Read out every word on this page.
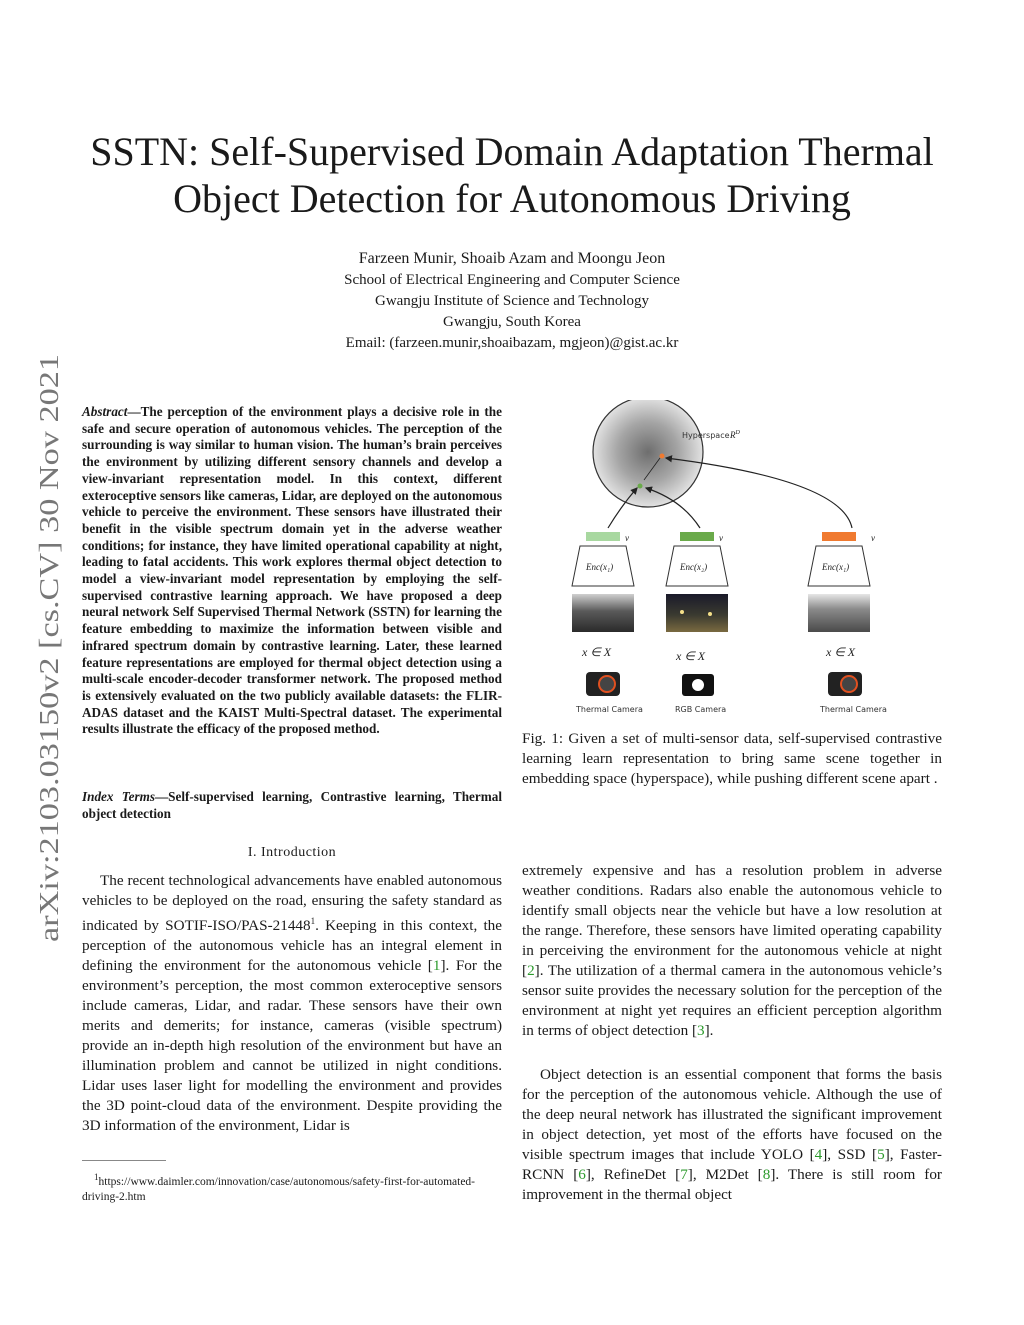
arXiv:2103.03150v2 [cs.CV] 30 Nov 2021
SSTN: Self-Supervised Domain Adaptation Thermal
Object Detection for Autonomous Driving
Farzeen Munir, Shoaib Azam and Moongu Jeon
School of Electrical Engineering and Computer Science
Gwangju Institute of Science and Technology
Gwangju, South Korea
Email: (farzeen.munir,shoaibazam, mgjeon)@gist.ac.kr
Abstract—The perception of the environment plays a decisive role in the safe and secure operation of autonomous vehicles. The perception of the surrounding is way similar to human vision. The human’s brain perceives the environment by utilizing different sensory channels and develop a view-invariant representation model. In this context, different exteroceptive sensors like cameras, Lidar, are deployed on the autonomous vehicle to perceive the environment. These sensors have illustrated their benefit in the visible spectrum domain yet in the adverse weather conditions; for instance, they have limited operational capability at night, leading to fatal accidents. This work explores thermal object detection to model a view-invariant model representation by employing the self-supervised contrastive learning approach. We have proposed a deep neural network Self Supervised Thermal Network (SSTN) for learning the feature embedding to maximize the information between visible and infrared spectrum domain by contrastive learning. Later, these learned feature representations are employed for thermal object detection using a multi-scale encoder-decoder transformer network. The proposed method is extensively evaluated on the two publicly available datasets: the FLIR-ADAS dataset and the KAIST Multi-Spectral dataset. The experimental results illustrate the efficacy of the proposed method.
Index Terms—Self-supervised learning, Contrastive learning, Thermal object detection
I. Introduction
The recent technological advancements have enabled autonomous vehicles to be deployed on the road, ensuring the safety standard as indicated by SOTIF-ISO/PAS-21448$^1$. Keeping in this context, the perception of the autonomous vehicle has an integral element in defining the environment for the autonomous vehicle [1]. For the environment’s perception, the most common exteroceptive sensors include cameras, Lidar, and radar. These sensors have their own merits and demerits; for instance, cameras (visible spectrum) provide an in-depth high resolution of the environment but have an illumination problem and cannot be utilized in night conditions. Lidar uses laser light for modelling the environment and provides the 3D point-cloud data of the environment. Despite providing the 3D information of the environment, Lidar is
$^1$https://www.daimler.com/innovation/case/autonomous/safety-first-for-automated-driving-2.htm
Hyperspace $R^D$
v
Enc(x₁)
x ∈ X
Thermal Camera
v
Enc(x₂)
x ∈ X
RGB Camera
v
Enc(x₁)
x ∈ X
Thermal Camera
Fig. 1: Given a set of multi-sensor data, self-supervised contrastive learning learn representation to bring same scene together in embedding space (hyperspace), while pushing different scene apart .
extremely expensive and has a resolution problem in adverse weather conditions. Radars also enable the autonomous vehicle to identify small objects near the vehicle but have a low resolution at the range. Therefore, these sensors have limited operating capability in perceiving the environment for the autonomous vehicle at night [2]. The utilization of a thermal camera in the autonomous vehicle’s sensor suite provides the necessary solution for the perception of the environment at night yet requires an efficient perception algorithm in terms of object detection [3].
Object detection is an essential component that forms the basis for the perception of the autonomous vehicle. Although the use of the deep neural network has illustrated the significant improvement in object detection, yet most of the efforts have focused on the visible spectrum images that include YOLO [4], SSD [5], Faster-RCNN [6], RefineDet [7], M2Det [8]. There is still room for improvement in the thermal object
